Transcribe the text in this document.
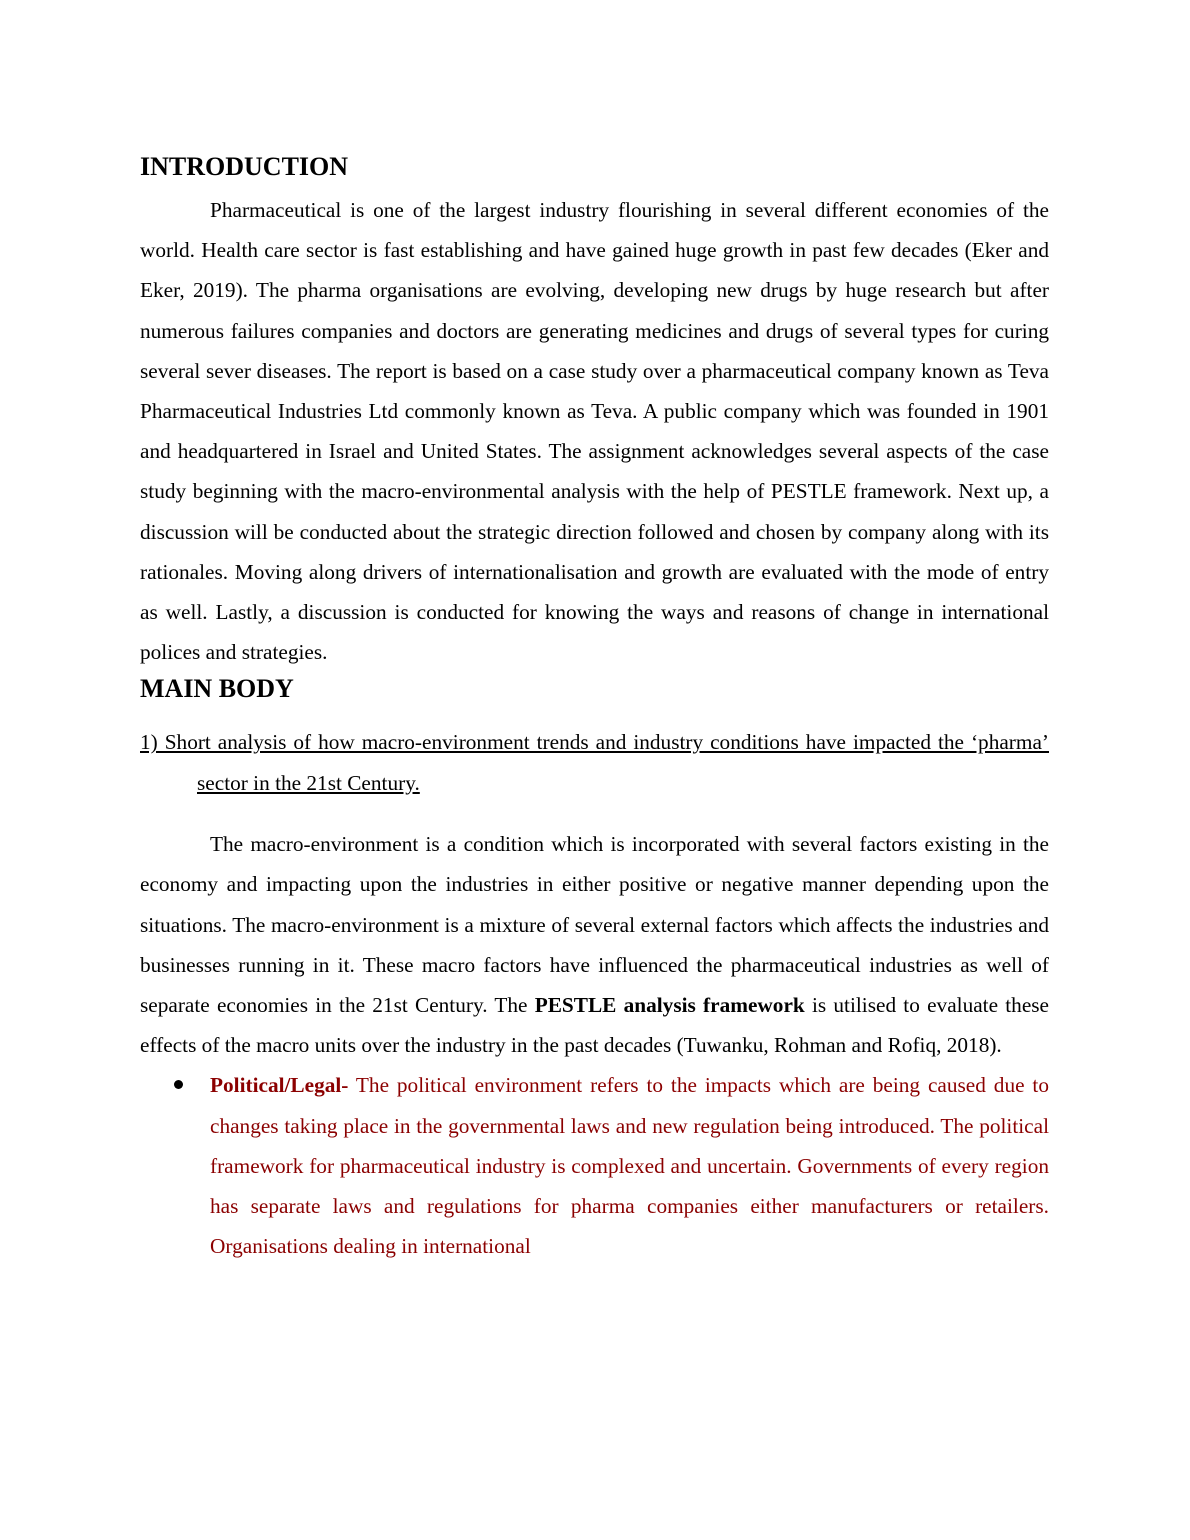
INTRODUCTION

Pharmaceutical is one of the largest industry flourishing in several different economies of the world. Health care sector is fast establishing and have gained huge growth in past few decades (Eker and Eker, 2019). The pharma organisations are evolving, developing new drugs by huge research but after numerous failures companies and doctors are generating medicines and drugs of several types for curing several sever diseases. The report is based on a case study over a pharmaceutical company known as Teva Pharmaceutical Industries Ltd commonly known as Teva. A public company which was founded in 1901 and headquartered in Israel and United States. The assignment acknowledges several aspects of the case study beginning with the macro-environmental analysis with the help of PESTLE framework. Next up, a discussion will be conducted about the strategic direction followed and chosen by company along with its rationales. Moving along drivers of internationalisation and growth are evaluated with the mode of entry as well. Lastly, a discussion is conducted for knowing the ways and reasons of change in international polices and strategies.

MAIN BODY

1) Short analysis of how macro-environment trends and industry conditions have impacted the ‘pharma’ sector in the 21st Century.

The macro-environment is a condition which is incorporated with several factors existing in the economy and impacting upon the industries in either positive or negative manner depending upon the situations. The macro-environment is a mixture of several external factors which affects the industries and businesses running in it. These macro factors have influenced the pharmaceutical industries as well of separate economies in the 21st Century. The PESTLE analysis framework is utilised to evaluate these effects of the macro units over the industry in the past decades (Tuwanku, Rohman and Rofiq, 2018).

Political/Legal- The political environment refers to the impacts which are being caused due to changes taking place in the governmental laws and new regulation being introduced. The political framework for pharmaceutical industry is complexed and uncertain. Governments of every region has separate laws and regulations for pharma companies either manufacturers or retailers. Organisations dealing in international
